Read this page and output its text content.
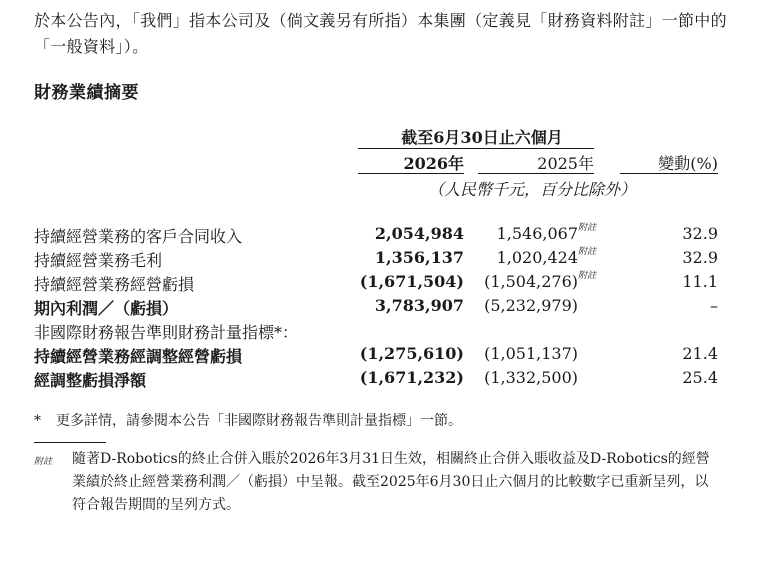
於本公告內，「我們」指本公司及（倘文義另有所指）本集團（定義見「財務資料附註」一節中的「一般資料」）。

財務業績摘要
截至6月30日止六個月
2026年	2025年	變動(%)
（人民幣千元，百分比除外）
持續經營業務的客戶合同收入	2,054,984	1,546,067 附註	32.9
持續經營業務毛利	1,356,137	1,020,424 附註	32.9
持續經營業務經營虧損	(1,671,504)	(1,504,276) 附註	11.1
期內利潤／（虧損）	3,783,907	(5,232,979)	–
非國際財務報告準則財務計量指標*：
持續經營業務經調整經營虧損	(1,275,610)	(1,051,137)	21.4
經調整虧損淨額	(1,671,232)	(1,332,500)	25.4

* 更多詳情，請參閱本公告「非國際財務報告準則計量指標」一節。

附註 隨著D-Robotics的終止合併入賬於2026年3月31日生效，相關終止合併入賬收益及D-Robotics的經營業績於終止經營業務利潤／（虧損）中呈報。截至2025年6月30日止六個月的比較數字已重新呈列，以符合報告期間的呈列方式。
